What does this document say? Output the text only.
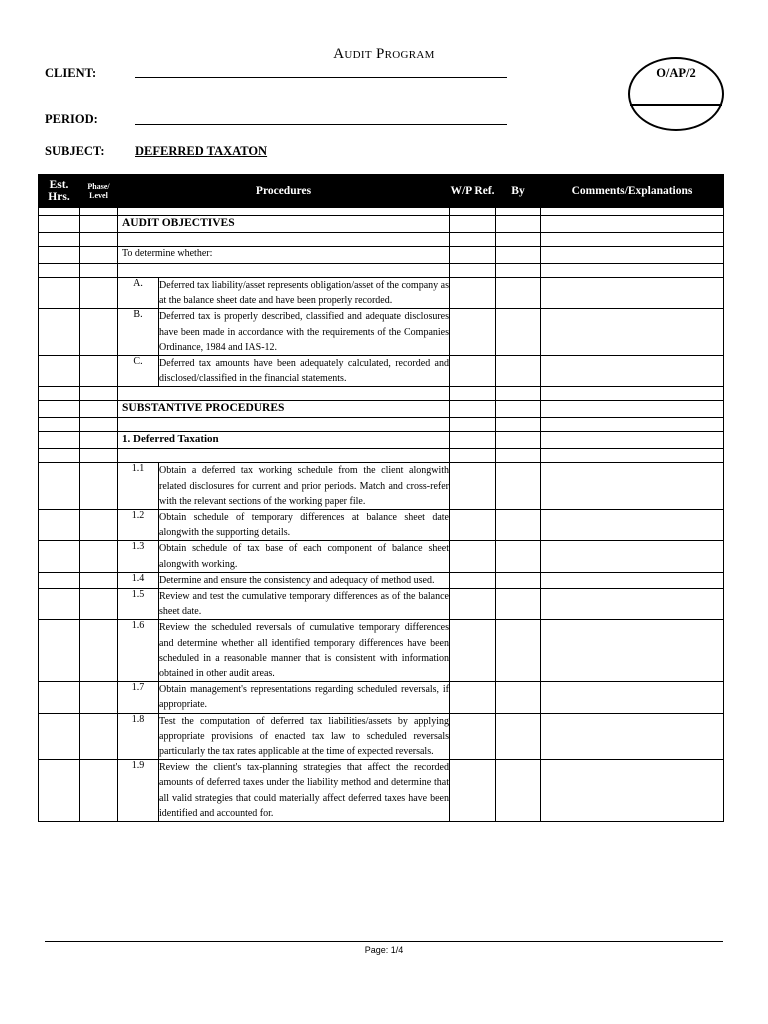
Audit Program
CLIENT:
PERIOD:
SUBJECT: DEFERRED TAXATON
O/AP/2
Est. Hrs.	Phase/ Level	Procedures		W/P Ref.	By	Comments/Explanations

		AUDIT OBJECTIVES				

		To determine whether:				

		A.	Deferred tax liability/asset represents obligation/asset of the company as at the balance sheet date and have been properly recorded.			
		B.	Deferred tax is properly described, classified and adequate disclosures have been made in accordance with the requirements of the Companies Ordinance, 1984 and IAS-12.			
		C.	Deferred tax amounts have been adequately calculated, recorded and disclosed/classified in the financial statements.			

		SUBSTANTIVE PROCEDURES				

		1. Deferred Taxation				

		1.1	Obtain a deferred tax working schedule from the client alongwith related disclosures for current and prior periods. Match and cross-refer with the relevant sections of the working paper file.			
		1.2	Obtain schedule of temporary differences at balance sheet date alongwith the supporting details.			
		1.3	Obtain schedule of tax base of each component of balance sheet alongwith working.			
		1.4	Determine and ensure the consistency and adequacy of method used.			
		1.5	Review and test the cumulative temporary differences as of the balance sheet date.			
		1.6	Review the scheduled reversals of cumulative temporary differences and determine whether all identified temporary differences have been scheduled in a reasonable manner that is consistent with information obtained in other audit areas.			
		1.7	Obtain management's representations regarding scheduled reversals, if appropriate.			
		1.8	Test the computation of deferred tax liabilities/assets by applying appropriate provisions of enacted tax law to scheduled reversals particularly the tax rates applicable at the time of expected reversals.			
		1.9	Review the client's tax-planning strategies that affect the recorded amounts of deferred taxes under the liability method and determine that all valid strategies that could materially affect deferred taxes have been identified and accounted for.			
Page: 1/4
